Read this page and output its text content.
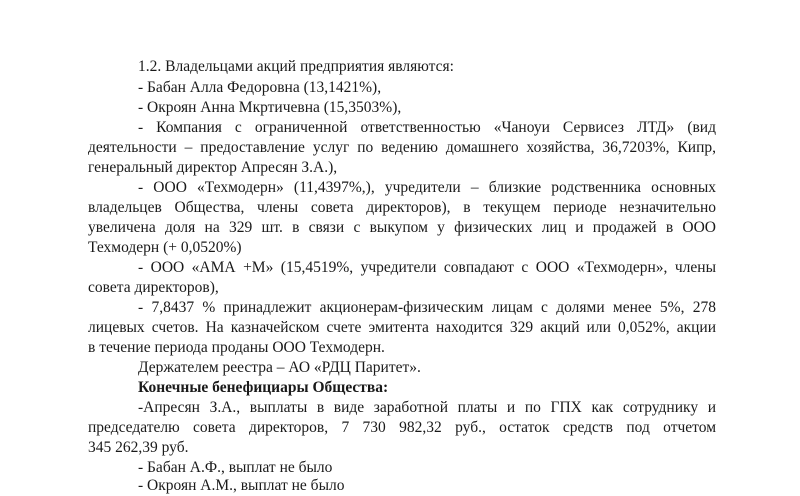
1.2. Владельцами акций предприятия являются:
- Бабан Алла Федоровна (13,1421%),
- Окроян Анна Мкртичевна (15,3503%),
- Компания с ограниченной ответственностью «Чаноуи Сервисез ЛТД» (вид
деятельности – предоставление услуг по ведению домашнего хозяйства, 36,7203%, Кипр,
генеральный директор Апресян З.А.),
- ООО «Техмодерн» (11,4397%,), учредители – близкие родственника основных
владельцев Общества, члены совета директоров), в текущем периоде незначительно
увеличена доля на 329 шт. в связи с выкупом у физических лиц и продажей в ООО
Техмодерн (+ 0,0520%)
- ООО «АМА +М» (15,4519%, учредители совпадают с ООО «Техмодерн», члены
совета директоров),
- 7,8437 % принадлежит акционерам-физическим лицам с долями менее 5%, 278
лицевых счетов. На казначейском счете эмитента находится 329 акций или 0,052%, акции
в течение периода проданы ООО Техмодерн.
Держателем реестра – АО «РДЦ Паритет».
Конечные бенефициары Общества:
-Апресян З.А., выплаты в виде заработной платы и по ГПХ как сотруднику и
председателю совета директоров, 7 730 982,32 руб., остаток средств под отчетом
345 262,39 руб.
- Бабан А.Ф., выплат не было
- Окроян А.М., выплат не было
